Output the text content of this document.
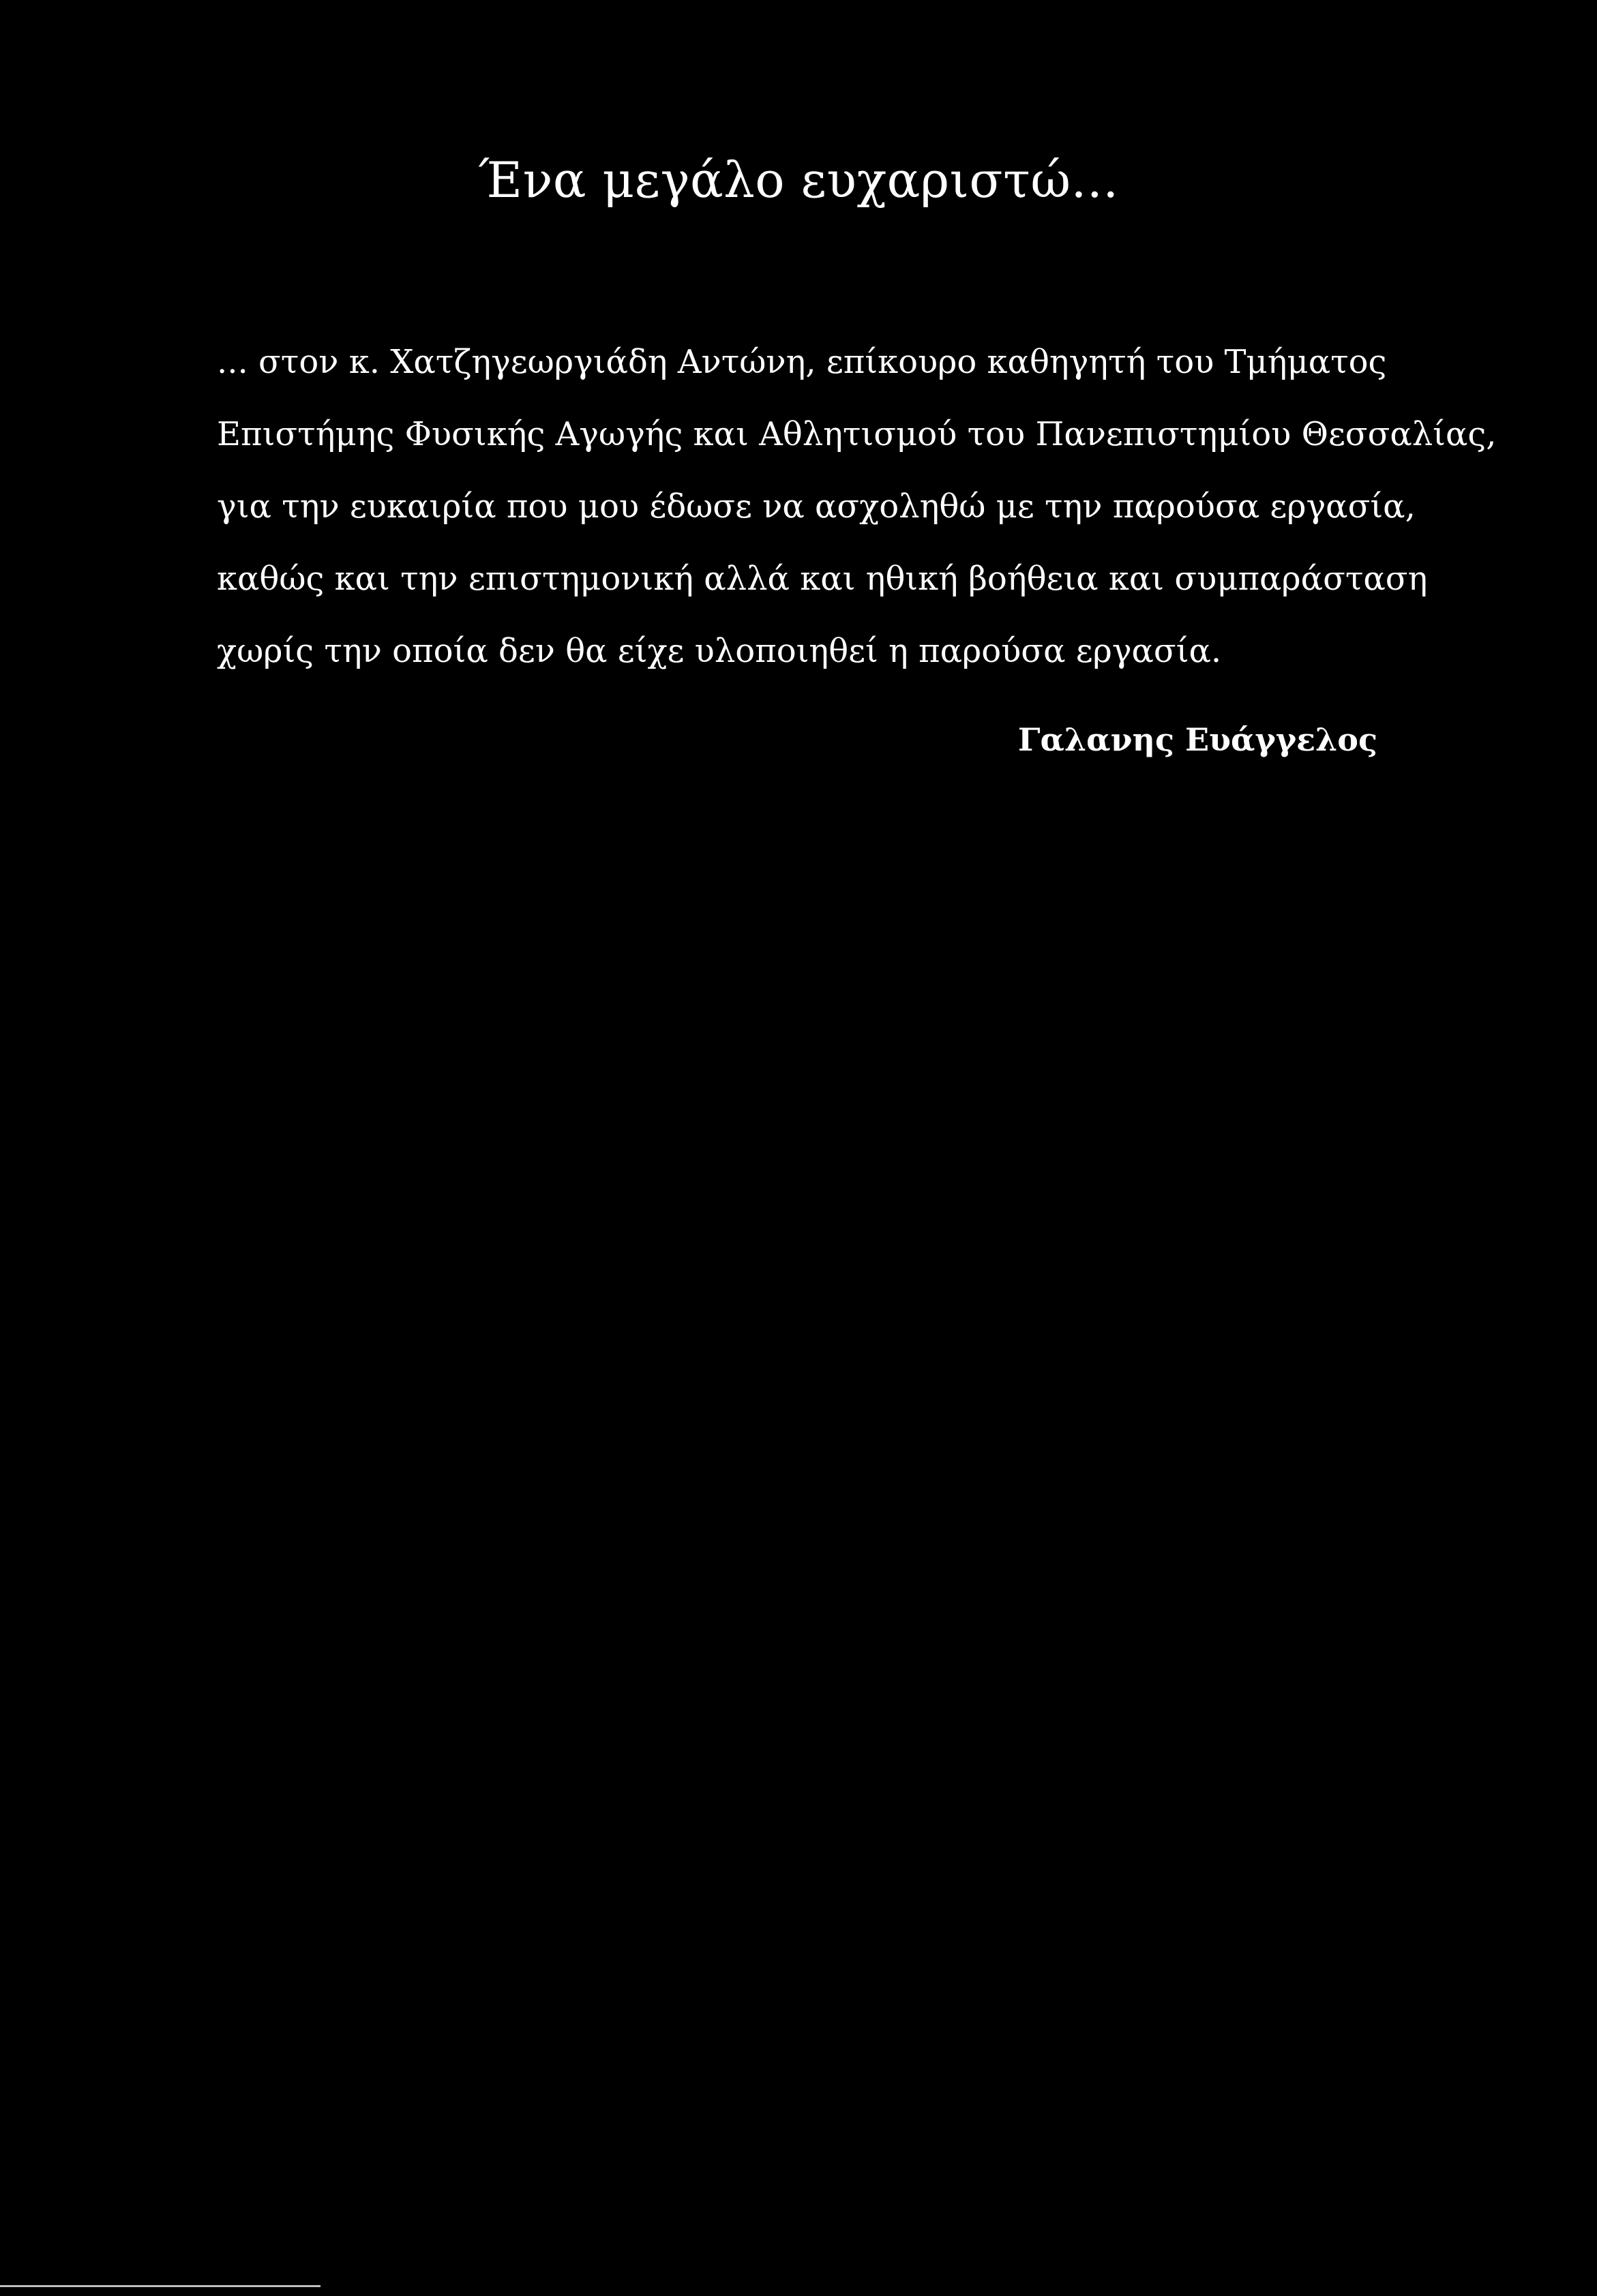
Ένα μεγάλο ευχαριστώ...
... στον κ. Χατζηγεωργιάδη Αντώνη, επίκουρο καθηγητή του Τμήματος
Επιστήμης Φυσικής Αγωγής και Αθλητισμού του Πανεπιστημίου Θεσσαλίας,
για την ευκαιρία που μου έδωσε να ασχοληθώ με την παρούσα εργασία,
καθώς και την επιστημονική αλλά και ηθική βοήθεια και συμπαράσταση
χωρίς την οποία δεν θα είχε υλοποιηθεί η παρούσα εργασία.

Γαλανης Ευάγγελος
